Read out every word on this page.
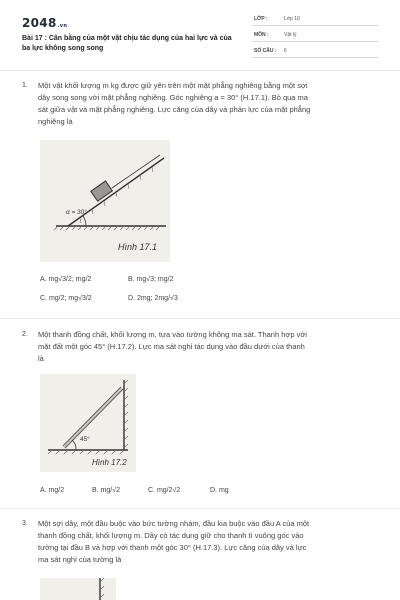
2048.vn
Bài 17 : Cân bằng của một vật chịu tác dụng của hai lực và của ba lực không song song
LỚP :	Lớp 10
MÔN :	Vật lý
SỐ CÂU : 6
1. Một vật khối lượng m kg được giữ yên trên một mặt phẳng nghiêng bằng một sợi
dây song song với mặt phẳng nghiêng. Góc nghiêng a = 30° (H.17.1). Bỏ qua ma
sát giữa vật và mặt phẳng nghiêng. Lực căng của dây và phản lực của mặt phẳng
nghiêng là
α = 30°
Hình 17.1
A. mg√3/2; mg/2	B. mg√3; mg/2
C. mg/2; mg√3/2	D. 2mg; 2mg/√3
2. Một thanh đồng chất, khối lượng m, tựa vào tường không ma sát. Thanh hợp với
mặt đất một góc 45° (H.17.2). Lực ma sát nghỉ tác dụng vào đầu dưới của thanh
là
45°
Hình 17.2
A. mg/2	B. mg/√2	C. mg/2√2	D. mg
3. Một sợi dây, một đầu buộc vào bức tường nhám, đầu kia buộc vào đầu A của một
thanh đồng chất, khối lượng m. Dây có tác dụng giữ cho thanh tì vuông góc vào
tường tại đầu B và hợp với thanh một góc 30° (H.17.3). Lực căng của dây và lực
ma sát nghỉ của tường là
